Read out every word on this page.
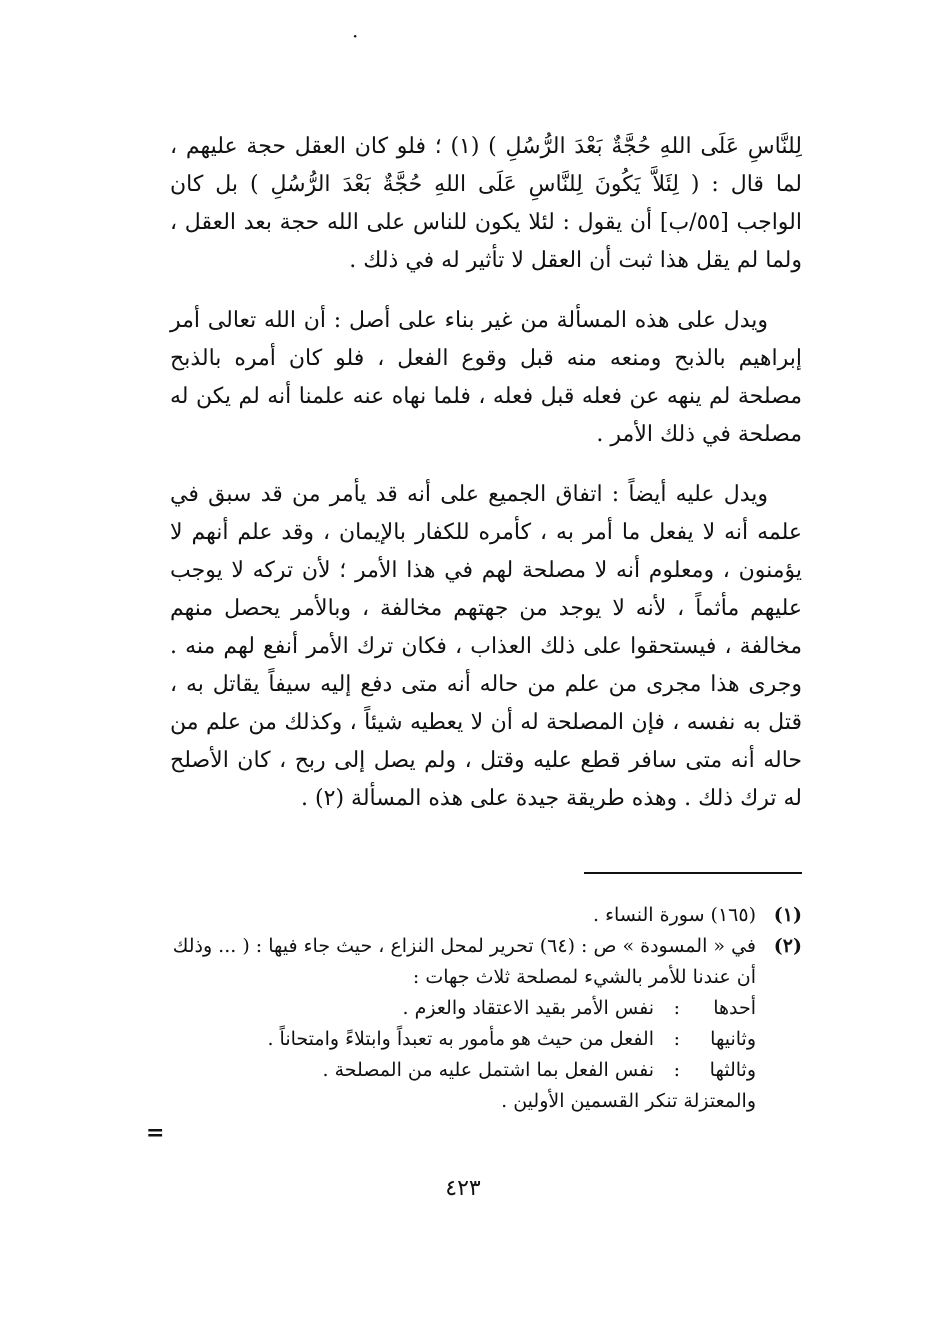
·

لِلنَّاسِ عَلَى اللهِ حُجَّةٌ بَعْدَ الرُّسُلِ ) (١) ؛ فلو كان العقل حجة عليهم ، لما قال : ( لِئَلاَّ يَكُونَ لِلنَّاسِ عَلَى اللهِ حُجَّةٌ بَعْدَ الرُّسُلِ ) بل كان الواجب [٥٥/ب] أن يقول : لئلا يكون للناس على الله حجة بعد العقل ، ولما لم يقل هذا ثبت أن العقل لا تأثير له في ذلك .

ويدل على هذه المسألة من غير بناء على أصل : أن الله تعالى أمر إبراهيم بالذبح ومنعه منه قبل وقوع الفعل ، فلو كان أمره بالذبح مصلحة لم ينهه عن فعله قبل فعله ، فلما نهاه عنه علمنا أنه لم يكن له مصلحة في ذلك الأمر .

ويدل عليه أيضاً : اتفاق الجميع على أنه قد يأمر من قد سبق في علمه أنه لا يفعل ما أمر به ، كأمره للكفار بالإيمان ، وقد علم أنهم لا يؤمنون ، ومعلوم أنه لا مصلحة لهم في هذا الأمر ؛ لأن تركه لا يوجب عليهم مأثماً ، لأنه لا يوجد من جهتهم مخالفة ، وبالأمر يحصل منهم مخالفة ، فيستحقوا على ذلك العذاب ، فكان ترك الأمر أنفع لهم منه . وجرى هذا مجرى من علم من حاله أنه متى دفع إليه سيفاً يقاتل به ، قتل به نفسه ، فإن المصلحة له أن لا يعطيه شيئاً ، وكذلك من علم من حاله أنه متى سافر قطع عليه وقتل ، ولم يصل إلى ربح ، كان الأصلح له ترك ذلك . وهذه طريقة جيدة على هذه المسألة (٢) .

(١)
(١٦٥) سورة النساء .
(٢)
في « المسودة » ص : (٦٤) تحرير لمحل النزاع ، حيث جاء فيها : ( ... وذلك
أن عندنا للأمر بالشيء لمصلحة ثلاث جهات :
أحدها
:
نفس الأمر بقيد الاعتقاد والعزم .
وثانيها
:
الفعل من حيث هو مأمور به تعبداً وابتلاءً وامتحاناً .
وثالثها
:
نفس الفعل بما اشتمل عليه من المصلحة .
والمعتزلة تنكر القسمين الأولين .
=
٤٢٣
